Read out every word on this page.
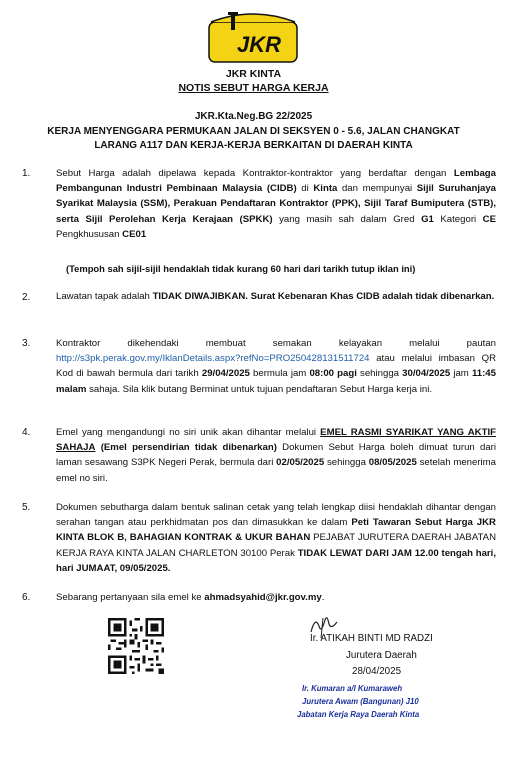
JKR
JKR KINTA
NOTIS SEBUT HARGA KERJA
JKR.Kta.Neg.BG 22/2025
KERJA MENYENGGARA PERMUKAAN JALAN DI SEKSYEN 0 - 5.6, JALAN CHANGKAT
LARANG A117 DAN KERJA-KERJA BERKAITAN DI DAERAH KINTA
1.	Sebut Harga adalah dipelawa kepada Kontraktor-kontraktor yang berdaftar dengan Lembaga Pembangunan Industri Pembinaan Malaysia (CIDB) di Kinta dan mempunyai Sijil Suruhanjaya Syarikat Malaysia (SSM), Perakuan Pendaftaran Kontraktor (PPK), Sijil Taraf Bumiputera (STB), serta Sijil Perolehan Kerja Kerajaan (SPKK) yang masih sah dalam Gred G1 Kategori CE Pengkhususan CE01
(Tempoh sah sijil-sijil hendaklah tidak kurang 60 hari dari tarikh tutup iklan ini)
2.	Lawatan tapak adalah TIDAK DIWAJIBKAN. Surat Kebenaran Khas CIDB adalah tidak dibenarkan.
3.	Kontraktor dikehendaki membuat semakan kelayakan melalui pautan http://s3pk.perak.gov.my/IklanDetails.aspx?refNo=PRO250428131511724 atau melalui imbasan QR Kod di bawah bermula dari tarikh 29/04/2025 bermula jam 08:00 pagi sehingga 30/04/2025 jam 11:45 malam sahaja. Sila klik butang Berminat untuk tujuan pendaftaran Sebut Harga kerja ini.
4.	Emel yang mengandungi no siri unik akan dihantar melalui EMEL RASMI SYARIKAT YANG AKTIF SAHAJA (Emel persendirian tidak dibenarkan) Dokumen Sebut Harga boleh dimuat turun dari laman sesawang S3PK Negeri Perak, bermula dari 02/05/2025 sehingga 08/05/2025 setelah menerima emel no siri.
5.	Dokumen sebutharga dalam bentuk salinan cetak yang telah lengkap diisi hendaklah dihantar dengan serahan tangan atau perkhidmatan pos dan dimasukkan ke dalam Peti Tawaran Sebut Harga JKR KINTA BLOK B, BAHAGIAN KONTRAK & UKUR BAHAN PEJABAT JURUTERA DAERAH JABATAN KERJA RAYA KINTA JALAN CHARLETON 30100 Perak TIDAK LEWAT DARI JAM 12.00 tengah hari, hari JUMAAT, 09/05/2025.
6.	Sebarang pertanyaan sila emel ke ahmadsyahid@jkr.gov.my.
Ir. ATIKAH BINTI MD RADZI
Jurutera Daerah
28/04/2025
Ir. Kumaran a/l Kumaraweh
Jurutera Awam (Bangunan) J10
Jabatan Kerja Raya Daerah Kinta
